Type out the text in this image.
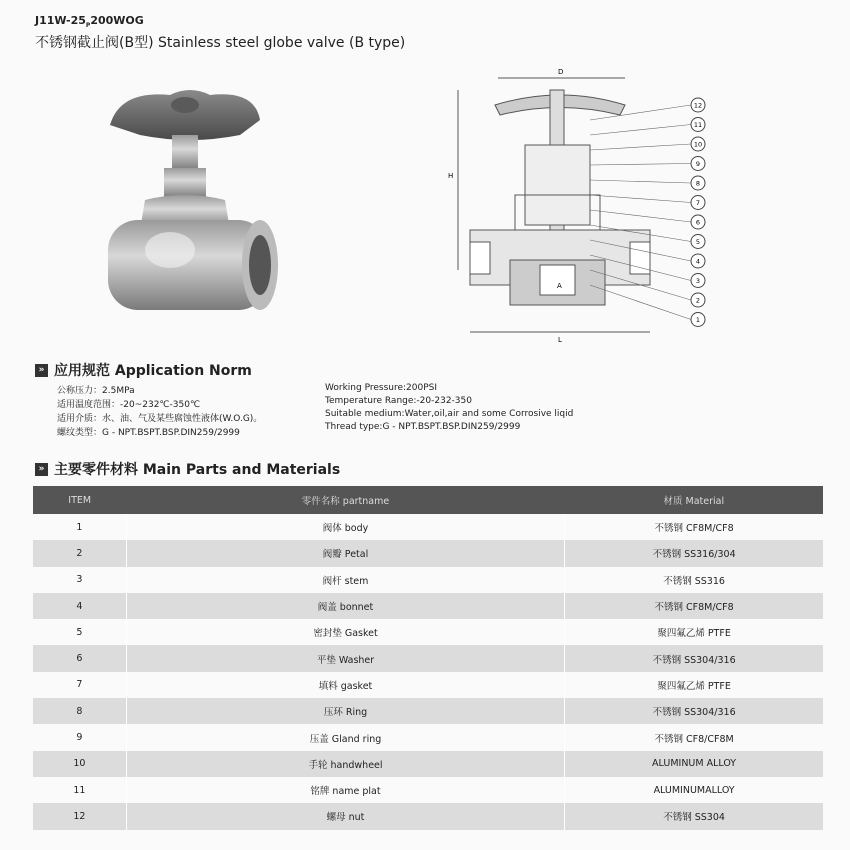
$J11W-25_P200WOG$
不锈钢截止阀(B型) Stainless steel globe valve (B type)
D
H
L
A
12
11
10
9
8
7
6
5
4
3
2
1
» 应用规范 Application Norm
公称压力：2.5MPa
适用温度范围：-20~232℃-350℃
适用介质：水、油、气及某些腐蚀性液体(W.O.G)。
螺纹类型：G - NPT.BSPT.BSP.DIN259/2999
Working Pressure:200PSI
Temperature Range:-20-232-350
Suitable medium:Water,oil,air and some Corrosive liqid
Thread type:G - NPT.BSPT.BSP.DIN259/2999
» 主要零件材料 Main Parts and Materials
ITEM	零件名称 partname	材质 Material
1	阀体 body	不锈钢 CF8M/CF8
2	阀瓣 Petal	不锈钢 SS316/304
3	阀杆 stem	不锈钢 SS316
4	阀盖 bonnet	不锈钢 CF8M/CF8
5	密封垫 Gasket	聚四氟乙烯 PTFE
6	平垫 Washer	不锈钢 SS304/316
7	填料 gasket	聚四氟乙烯 PTFE
8	压环 Ring	不锈钢 SS304/316
9	压盖 Gland ring	不锈钢 CF8/CF8M
10	手轮 handwheel	ALUMINUM ALLOY
11	铭牌 name plat	ALUMINUMALLOY
12	螺母 nut	不锈钢 SS304
